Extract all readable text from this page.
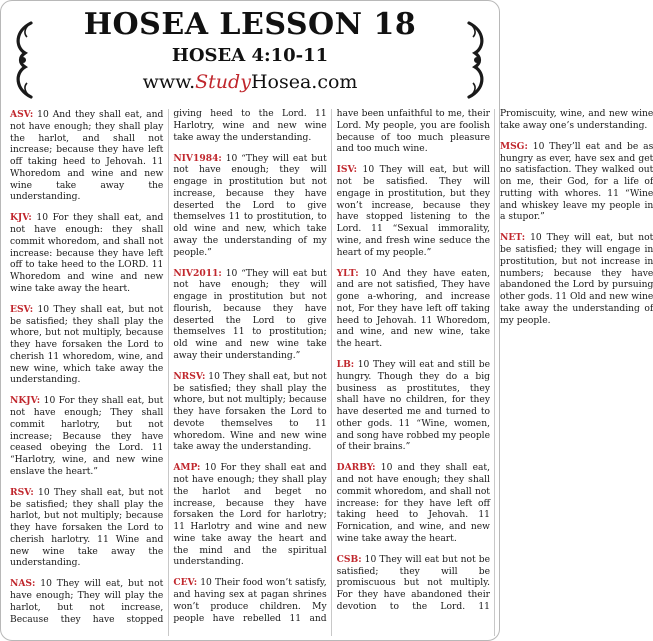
HOSEA LESSON 18
HOSEA 4:10-11
www.StudyHosea.com

ASV: 10 And they shall eat, and not have enough; they shall play the harlot, and shall not increase; because they have left off taking heed to Jehovah. 11 Whoredom and wine and new wine take away the understanding.

KJV: 10 For they shall eat, and not have enough: they shall commit whoredom, and shall not increase: because they have left off to take heed to the LORD. 11 Whoredom and wine and new wine take away the heart.

ESV: 10 They shall eat, but not be satisfied; they shall play the whore, but not multiply, because they have forsaken the Lord to cherish 11 whoredom, wine, and new wine, which take away the understanding.

NKJV: 10 For they shall eat, but not have enough; They shall commit harlotry, but not increase; Because they have ceased obeying the Lord. 11 “Harlotry, wine, and new wine enslave the heart.”

RSV: 10 They shall eat, but not be satisfied; they shall play the harlot, but not multiply; because they have forsaken the Lord to cherish harlotry. 11 Wine and new wine take away the understanding.

NAS: 10 They will eat, but not have enough; They will play the harlot, but not increase, Because they have stopped giving heed to the Lord. 11 Harlotry, wine and new wine take away the understanding.

NIV1984: 10 “They will eat but not have enough; they will engage in prostitution but not increase, because they have deserted the Lord to give themselves 11 to prostitution, to old wine and new, which take away the understanding of my people.”

NIV2011: 10 “They will eat but not have enough; they will engage in prostitution but not flourish, because they have deserted the Lord to give themselves 11 to prostitution; old wine and new wine take away their understanding.”

NRSV: 10 They shall eat, but not be satisfied; they shall play the whore, but not multiply; because they have forsaken the Lord to devote themselves to 11 whoredom. Wine and new wine take away the understanding.

AMP: 10 For they shall eat and not have enough; they shall play the harlot and beget no increase, because they have forsaken the Lord for harlotry; 11 Harlotry and wine and new wine take away the heart and the mind and the spiritual understanding.

CEV: 10 Their food won’t satisfy, and having sex at pagan shrines won’t produce children. My people have rebelled 11 and have been unfaithful to me, their Lord. My people, you are foolish because of too much pleasure and too much wine.

ISV: 10 They will eat, but will not be satisfied. They will engage in prostitution, but they won’t increase, because they have stopped listening to the Lord. 11 “Sexual immorality, wine, and fresh wine seduce the heart of my people.”

YLT: 10 And they have eaten, and are not satisfied, They have gone a-whoring, and increase not, For they have left off taking heed to Jehovah. 11 Whoredom, and wine, and new wine, take the heart.

LB: 10 They will eat and still be hungry. Though they do a big business as prostitutes, they shall have no children, for they have deserted me and turned to other gods. 11 “Wine, women, and song have robbed my people of their brains.”

DARBY: 10 and they shall eat, and not have enough; they shall commit whoredom, and shall not increase: for they have left off taking heed to Jehovah. 11 Fornication, and wine, and new wine take away the heart.

CSB: 10 They will eat but not be satisfied; they will be promiscuous but not multiply. For they have abandoned their devotion to the Lord. 11 Promiscuity, wine, and new wine take away one’s understanding.

MSG: 10 They’ll eat and be as hungry as ever, have sex and get no satisfaction. They walked out on me, their God, for a life of rutting with whores. 11 “Wine and whiskey leave my people in a stupor.”

NET: 10 They will eat, but not be satisfied; they will engage in prostitution, but not increase in numbers; because they have abandoned the Lord by pursuing other gods. 11 Old and new wine take away the understanding of my people.
